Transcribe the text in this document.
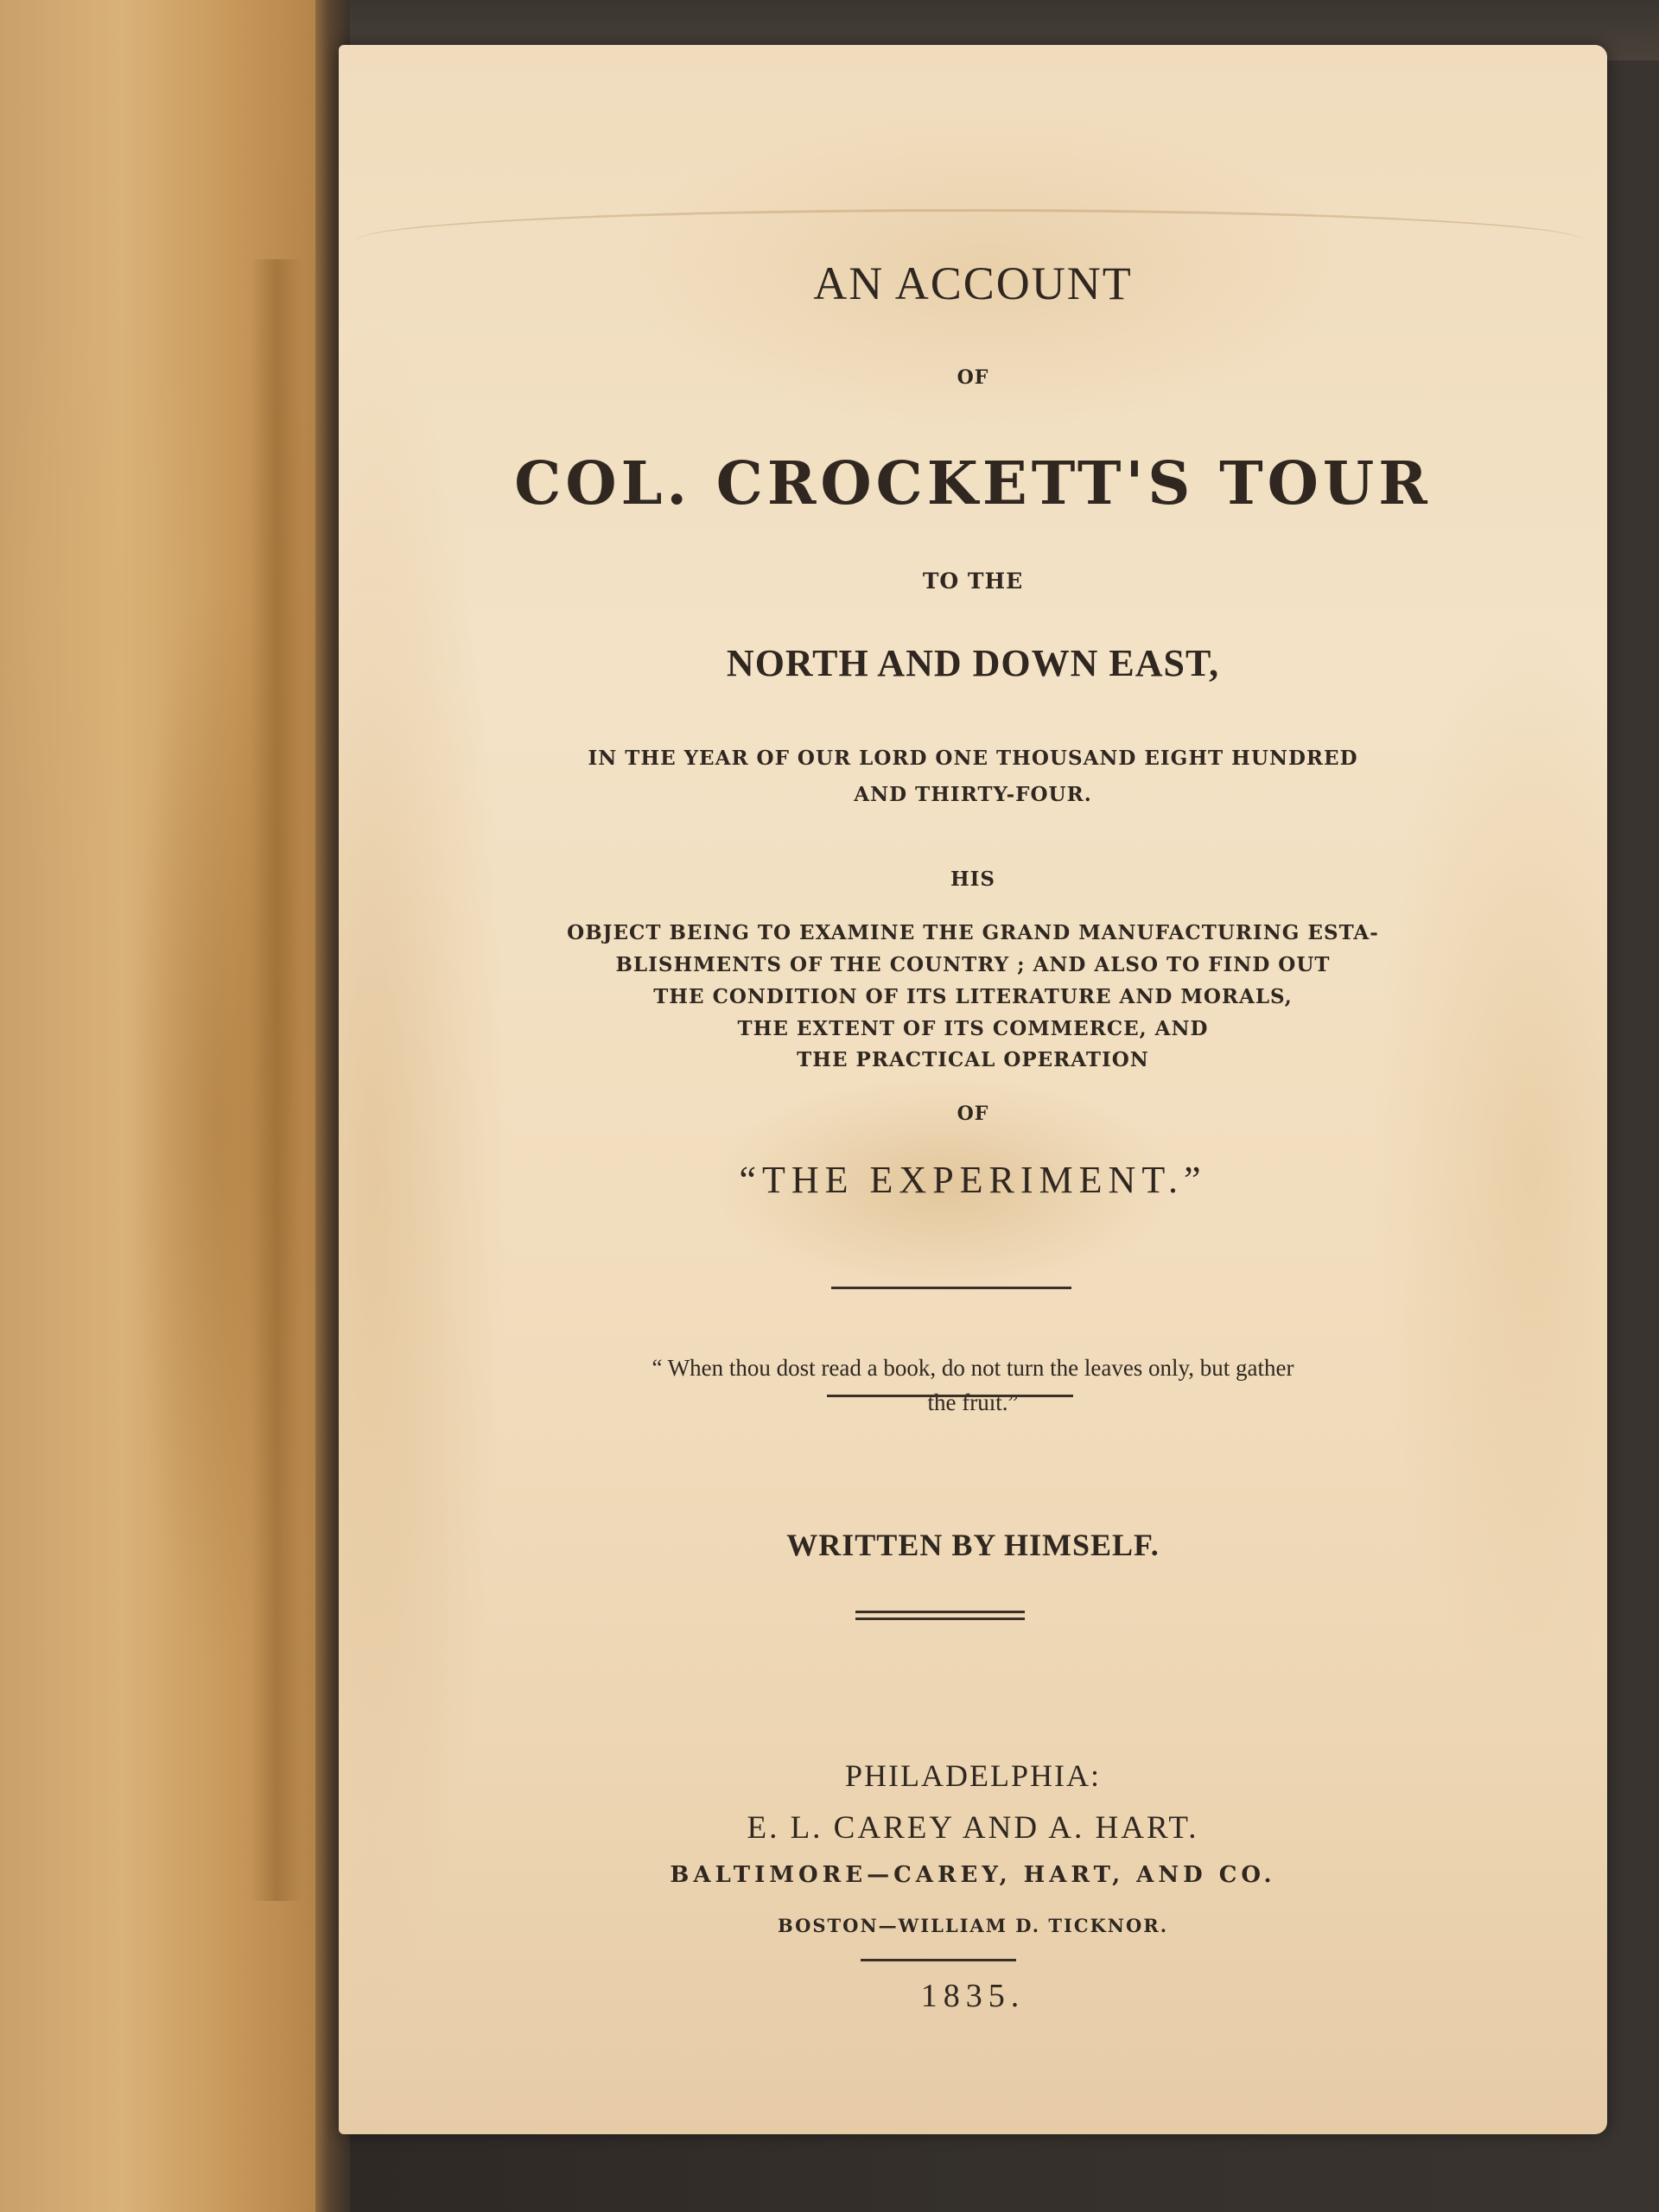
AN ACCOUNT
OF
COL. CROCKETT'S TOUR
TO THE
NORTH AND DOWN EAST,
IN THE YEAR OF OUR LORD ONE THOUSAND EIGHT HUNDRED
AND THIRTY-FOUR.
HIS
OBJECT BEING TO EXAMINE THE GRAND MANUFACTURING ESTA-
BLISHMENTS OF THE COUNTRY ; AND ALSO TO FIND OUT
THE CONDITION OF ITS LITERATURE AND MORALS,
THE EXTENT OF ITS COMMERCE, AND
THE PRACTICAL OPERATION
OF
“THE EXPERIMENT.”
“ When thou dost read a book, do not turn the leaves only, but gather
the fruit.”
WRITTEN BY HIMSELF.
PHILADELPHIA:
E. L. CAREY AND A. HART.
BALTIMORE—CAREY, HART, AND CO.
BOSTON—WILLIAM D. TICKNOR.
1835.
